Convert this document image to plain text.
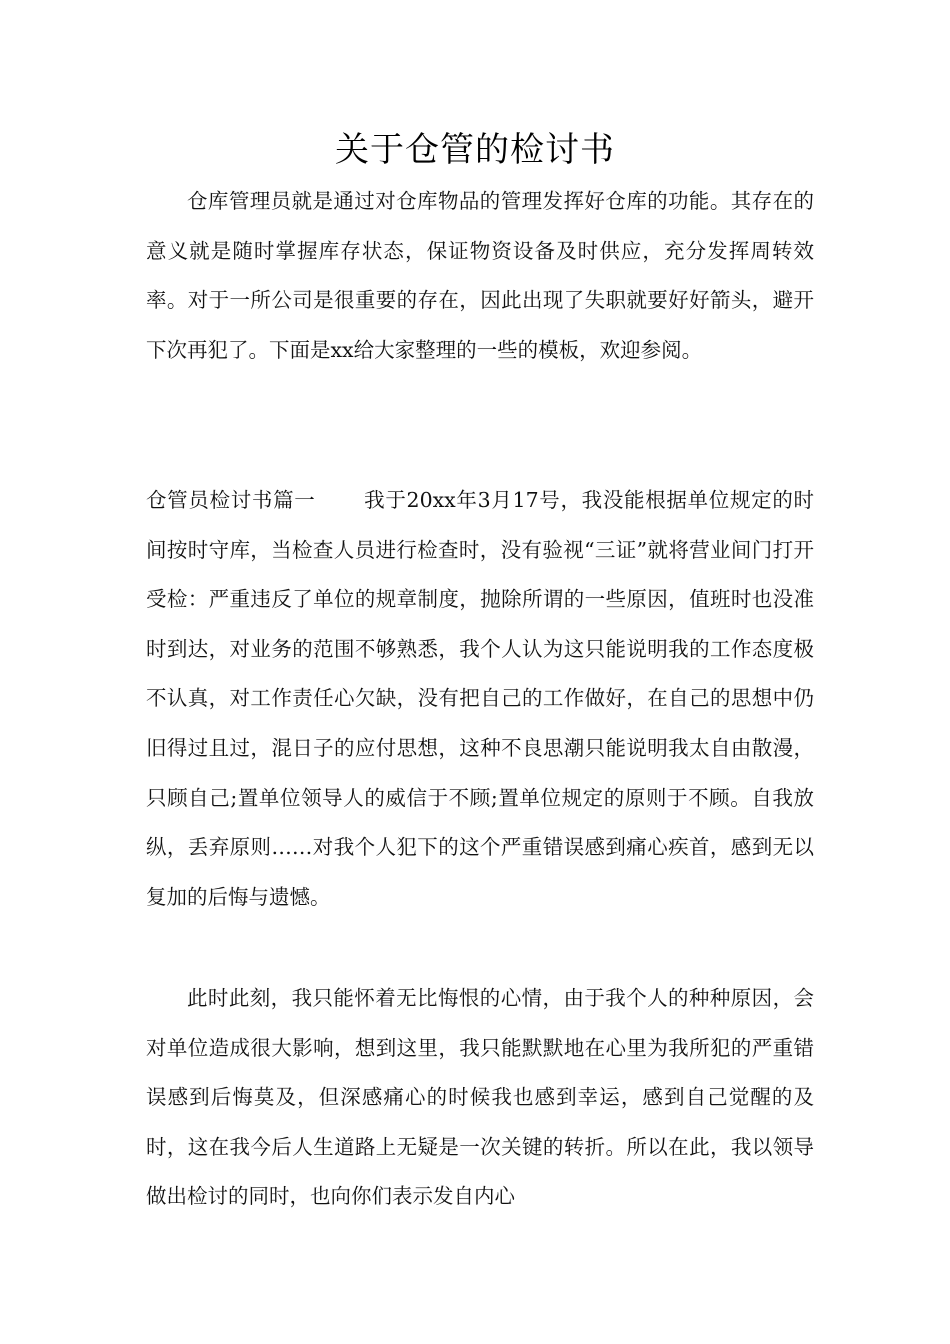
关于仓管的检讨书

仓库管理员就是通过对仓库物品的管理发挥好仓库的功能。其存在的意义就是随时掌握库存状态，保证物资设备及时供应，充分发挥周转效率。对于一所公司是很重要的存在，因此出现了失职就要好好箭头，避开下次再犯了。下面是xx给大家整理的一些的模板，欢迎参阅。

仓管员检讨书篇一 我于20xx年3月17号，我没能根据单位规定的时间按时守库，当检查人员进行检查时，没有验视“三证”就将营业间门打开受检：严重违反了单位的规章制度，抛除所谓的一些原因，值班时也没准时到达，对业务的范围不够熟悉，我个人认为这只能说明我的工作态度极不认真，对工作责任心欠缺，没有把自己的工作做好，在自己的思想中仍旧得过且过，混日子的应付思想，这种不良思潮只能说明我太自由散漫，只顾自己;置单位领导人的威信于不顾;置单位规定的原则于不顾。自我放纵，丢弃原则……对我个人犯下的这个严重错误感到痛心疾首，感到无以复加的后悔与遗憾。

此时此刻，我只能怀着无比悔恨的心情，由于我个人的种种原因，会对单位造成很大影响，想到这里，我只能默默地在心里为我所犯的严重错误感到后悔莫及，但深感痛心的时候我也感到幸运，感到自己觉醒的及时，这在我今后人生道路上无疑是一次关键的转折。所以在此，我以领导做出检讨的同时，也向你们表示发自内心
